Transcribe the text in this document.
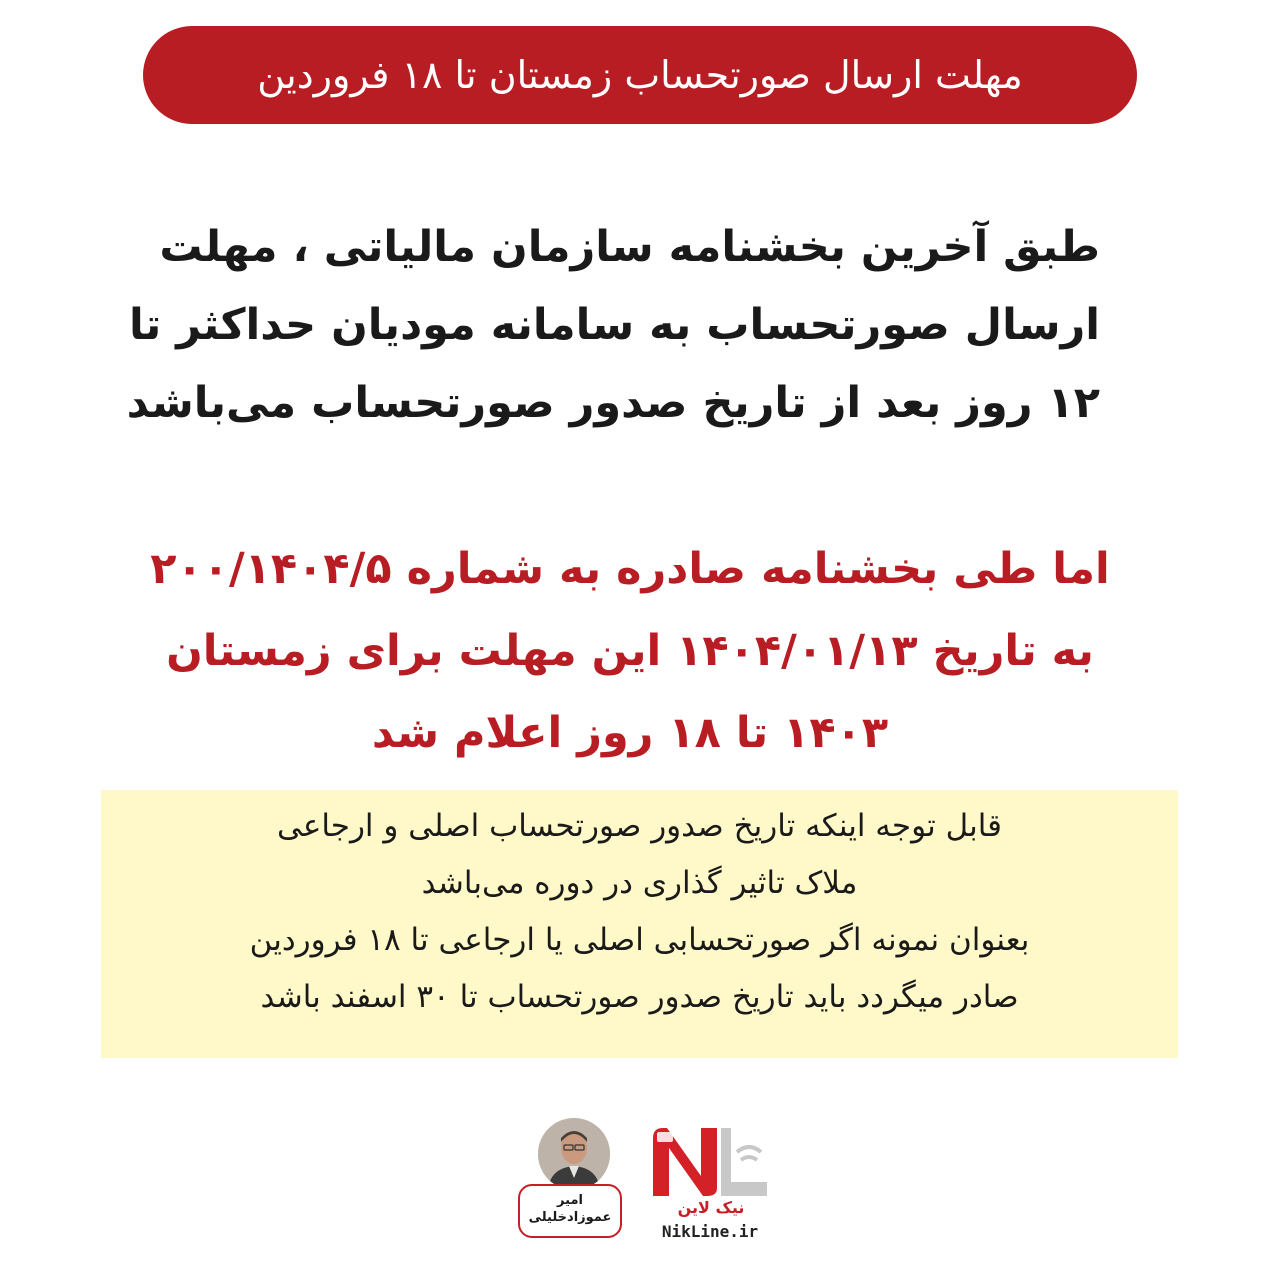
مهلت ارسال صورتحساب زمستان تا ۱۸ فروردین
طبق آخرین بخشنامه سازمان مالیاتی ، مهلت
ارسال صورتحساب به سامانه مودیان حداکثر تا
۱۲ روز بعد از تاریخ صدور صورتحساب می‌باشد
اما طی بخشنامه صادره به شماره ۲۰۰/۱۴۰۴/۵
به تاریخ ۱۴۰۴/۰۱/۱۳ این مهلت برای زمستان
۱۴۰۳ تا ۱۸ روز اعلام شد
قابل توجه اینکه تاریخ صدور صورتحساب اصلی و ارجاعی
ملاک تاثیر گذاری در دوره می‌باشد
بعنوان نمونه اگر صورتحسابی اصلی یا ارجاعی تا ۱۸ فروردین
صادر میگردد باید تاریخ صدور صورتحساب تا ۳۰ اسفند باشد
امیر
عموزادخلیلی
نیک لاین
NikLine.ir
